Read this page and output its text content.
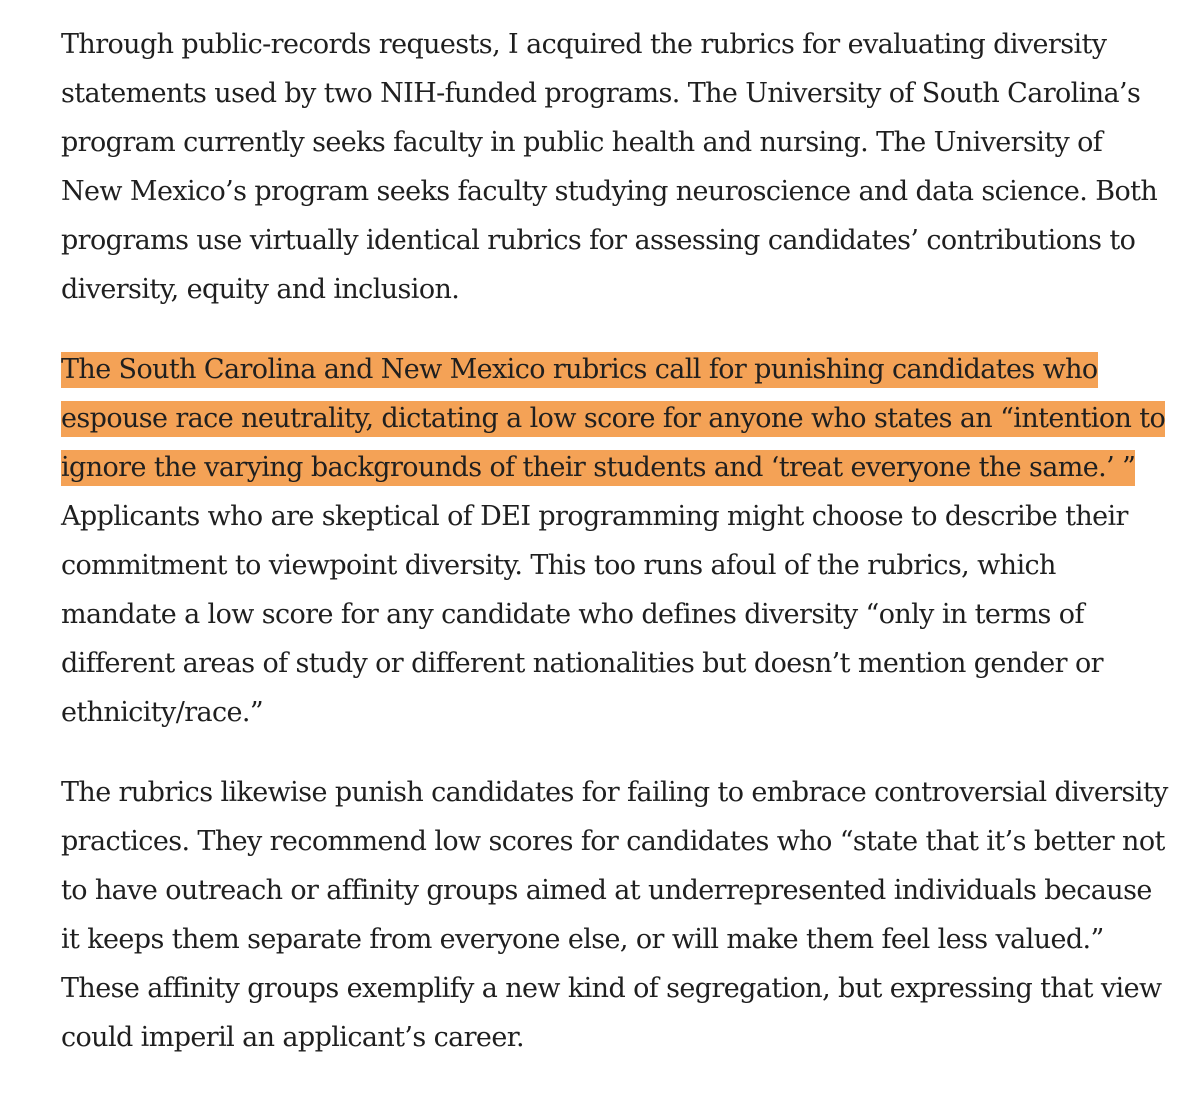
Through public-records requests, I acquired the rubrics for evaluating diversity statements used by two NIH-funded programs. The University of South Carolina’s program currently seeks faculty in public health and nursing. The University of New Mexico’s program seeks faculty studying neuroscience and data science. Both programs use virtually identical rubrics for assessing candidates’ contributions to diversity, equity and inclusion.

The South Carolina and New Mexico rubrics call for punishing candidates who espouse race neutrality, dictating a low score for anyone who states an “intention to ignore the varying backgrounds of their students and ‘treat everyone the same.’ ” Applicants who are skeptical of DEI programming might choose to describe their commitment to viewpoint diversity. This too runs afoul of the rubrics, which mandate a low score for any candidate who defines diversity “only in terms of different areas of study or different nationalities but doesn’t mention gender or ethnicity/race.”

The rubrics likewise punish candidates for failing to embrace controversial diversity practices. They recommend low scores for candidates who “state that it’s better not to have outreach or affinity groups aimed at underrepresented individuals because it keeps them separate from everyone else, or will make them feel less valued.” These affinity groups exemplify a new kind of segregation, but expressing that view could imperil an applicant’s career.
